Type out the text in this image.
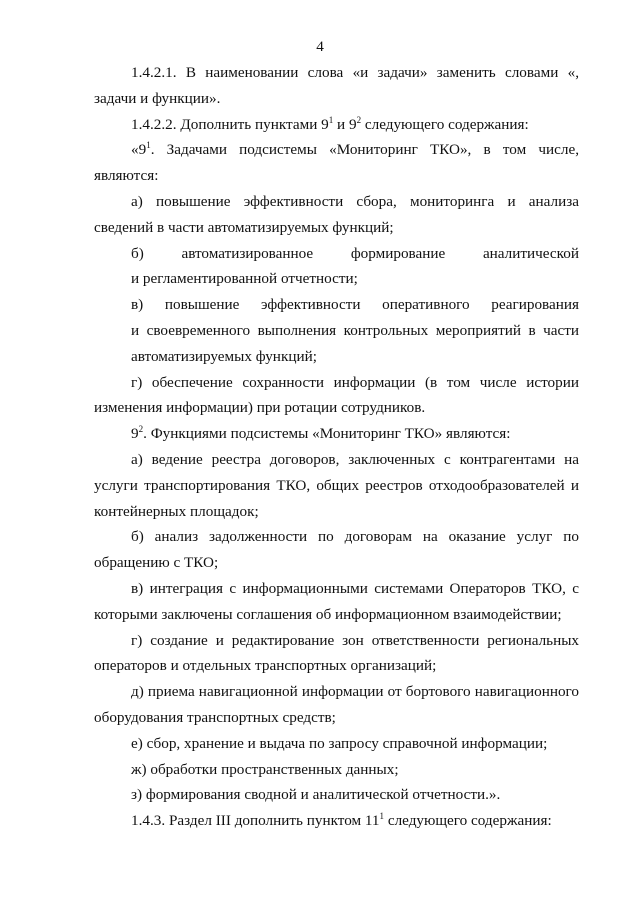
4

1.4.2.1. В наименовании слова «и задачи» заменить словами «, задачи и функции».

1.4.2.2. Дополнить пунктами $9^1$ и $9^2$ следующего содержания:

«$9^1$. Задачами подсистемы «Мониторинг ТКО», в том числе, являются:

а) повышение эффективности сбора, мониторинга и анализа сведений в части автоматизируемых функций;

б) автоматизированное формирование аналитической
и регламентированной отчетности;

в) повышение эффективности оперативного реагирования
и своевременного выполнения контрольных мероприятий в части
автоматизируемых функций;

г) обеспечение сохранности информации (в том числе истории изменения информации) при ротации сотрудников.

$9^2$. Функциями подсистемы «Мониторинг ТКО» являются:

а) ведение реестра договоров, заключенных с контрагентами на услуги транспортирования ТКО, общих реестров отходообразователей и контейнерных площадок;

б) анализ задолженности по договорам на оказание услуг по обращению с ТКО;

в) интеграция с информационными системами Операторов ТКО, с которыми заключены соглашения об информационном взаимодействии;

г) создание и редактирование зон ответственности региональных операторов и отдельных транспортных организаций;

д) приема навигационной информации от бортового навигационного оборудования транспортных средств;

е) сбор, хранение и выдача по запросу справочной информации;

ж) обработки пространственных данных;

з) формирования сводной и аналитической отчетности.».

1.4.3. Раздел III дополнить пунктом $11^1$ следующего содержания:
